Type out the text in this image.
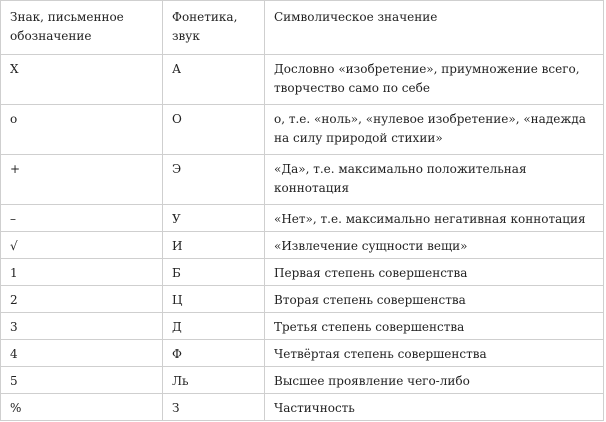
Знак, письменное обозначение	Фонетика, звук	Символическое значение
X	А	Дословно «изобретение», приумножение всего, творчество само по себе
o	О	о, т.е. «ноль», «нулевое изобретение», «надежда на силу природой стихии»
+	Э	«Да», т.е. максимально положительная коннотация
–	У	«Нет», т.е. максимально негативная коннотация
√	И	«Извлечение сущности вещи»
1	Б	Первая степень совершенства
2	Ц	Вторая степень совершенства
3	Д	Третья степень совершенства
4	Ф	Четвёртая степень совершенства
5	Ль	Высшее проявление чего-либо
%	З	Частичность
